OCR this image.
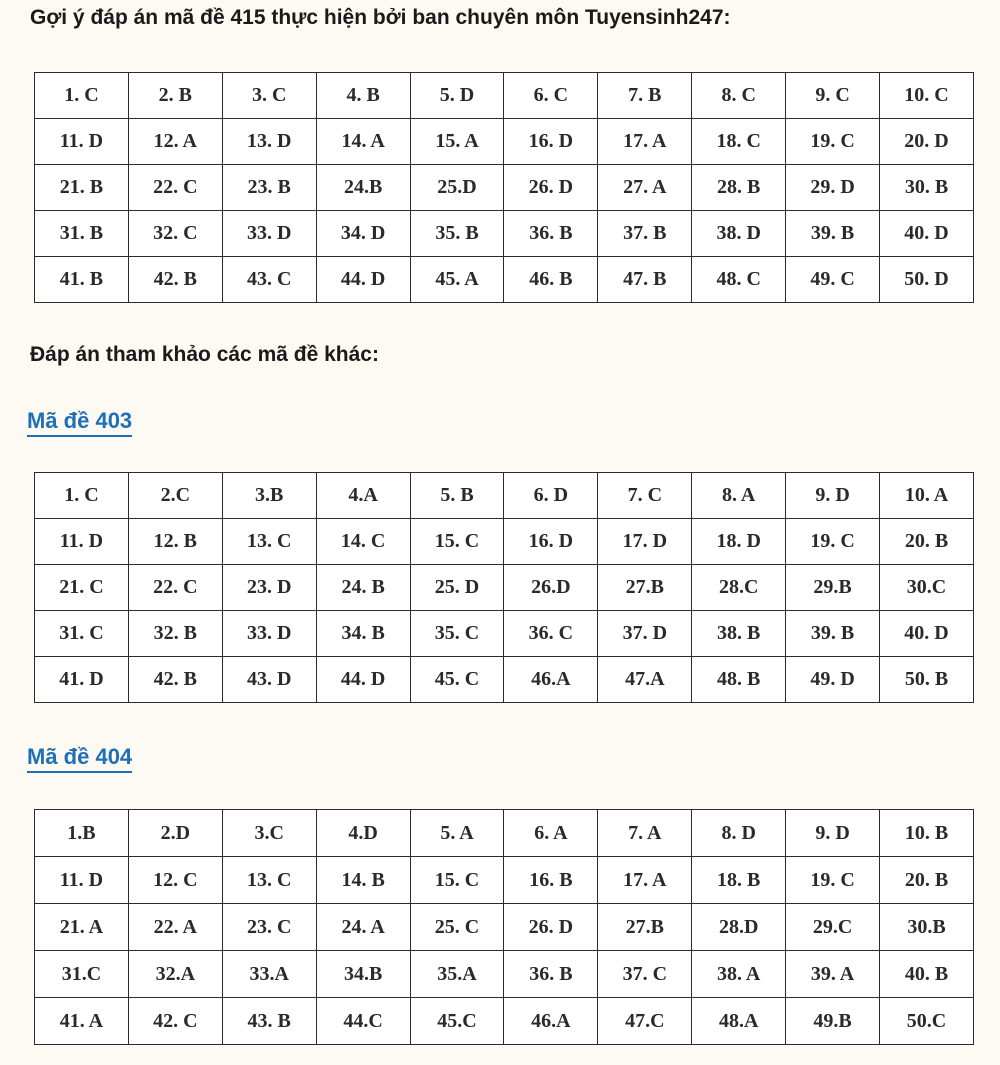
Gợi ý đáp án mã đề 415 thực hiện bởi ban chuyên môn Tuyensinh247:
1. C	2. B	3. C	4. B	5. D	6. C	7. B	8. C	9. C	10. C
11. D	12. A	13. D	14. A	15. A	16. D	17. A	18. C	19. C	20. D
21. B	22. C	23. B	24.B	25.D	26. D	27. A	28. B	29. D	30. B
31. B	32. C	33. D	34. D	35. B	36. B	37. B	38. D	39. B	40. D
41. B	42. B	43. C	44. D	45. A	46. B	47. B	48. C	49. C	50. D
Đáp án tham khảo các mã đề khác:
Mã đề 403
1. C	2.C	3.B	4.A	5. B	6. D	7. C	8. A	9. D	10. A
11. D	12. B	13. C	14. C	15. C	16. D	17. D	18. D	19. C	20. B
21. C	22. C	23. D	24. B	25. D	26.D	27.B	28.C	29.B	30.C
31. C	32. B	33. D	34. B	35. C	36. C	37. D	38. B	39. B	40. D
41. D	42. B	43. D	44. D	45. C	46.A	47.A	48. B	49. D	50. B
Mã đề 404
1.B	2.D	3.C	4.D	5. A	6. A	7. A	8. D	9. D	10. B
11. D	12. C	13. C	14. B	15. C	16. B	17. A	18. B	19. C	20. B
21. A	22. A	23. C	24. A	25. C	26. D	27.B	28.D	29.C	30.B
31.C	32.A	33.A	34.B	35.A	36. B	37. C	38. A	39. A	40. B
41. A	42. C	43. B	44.C	45.C	46.A	47.C	48.A	49.B	50.C
